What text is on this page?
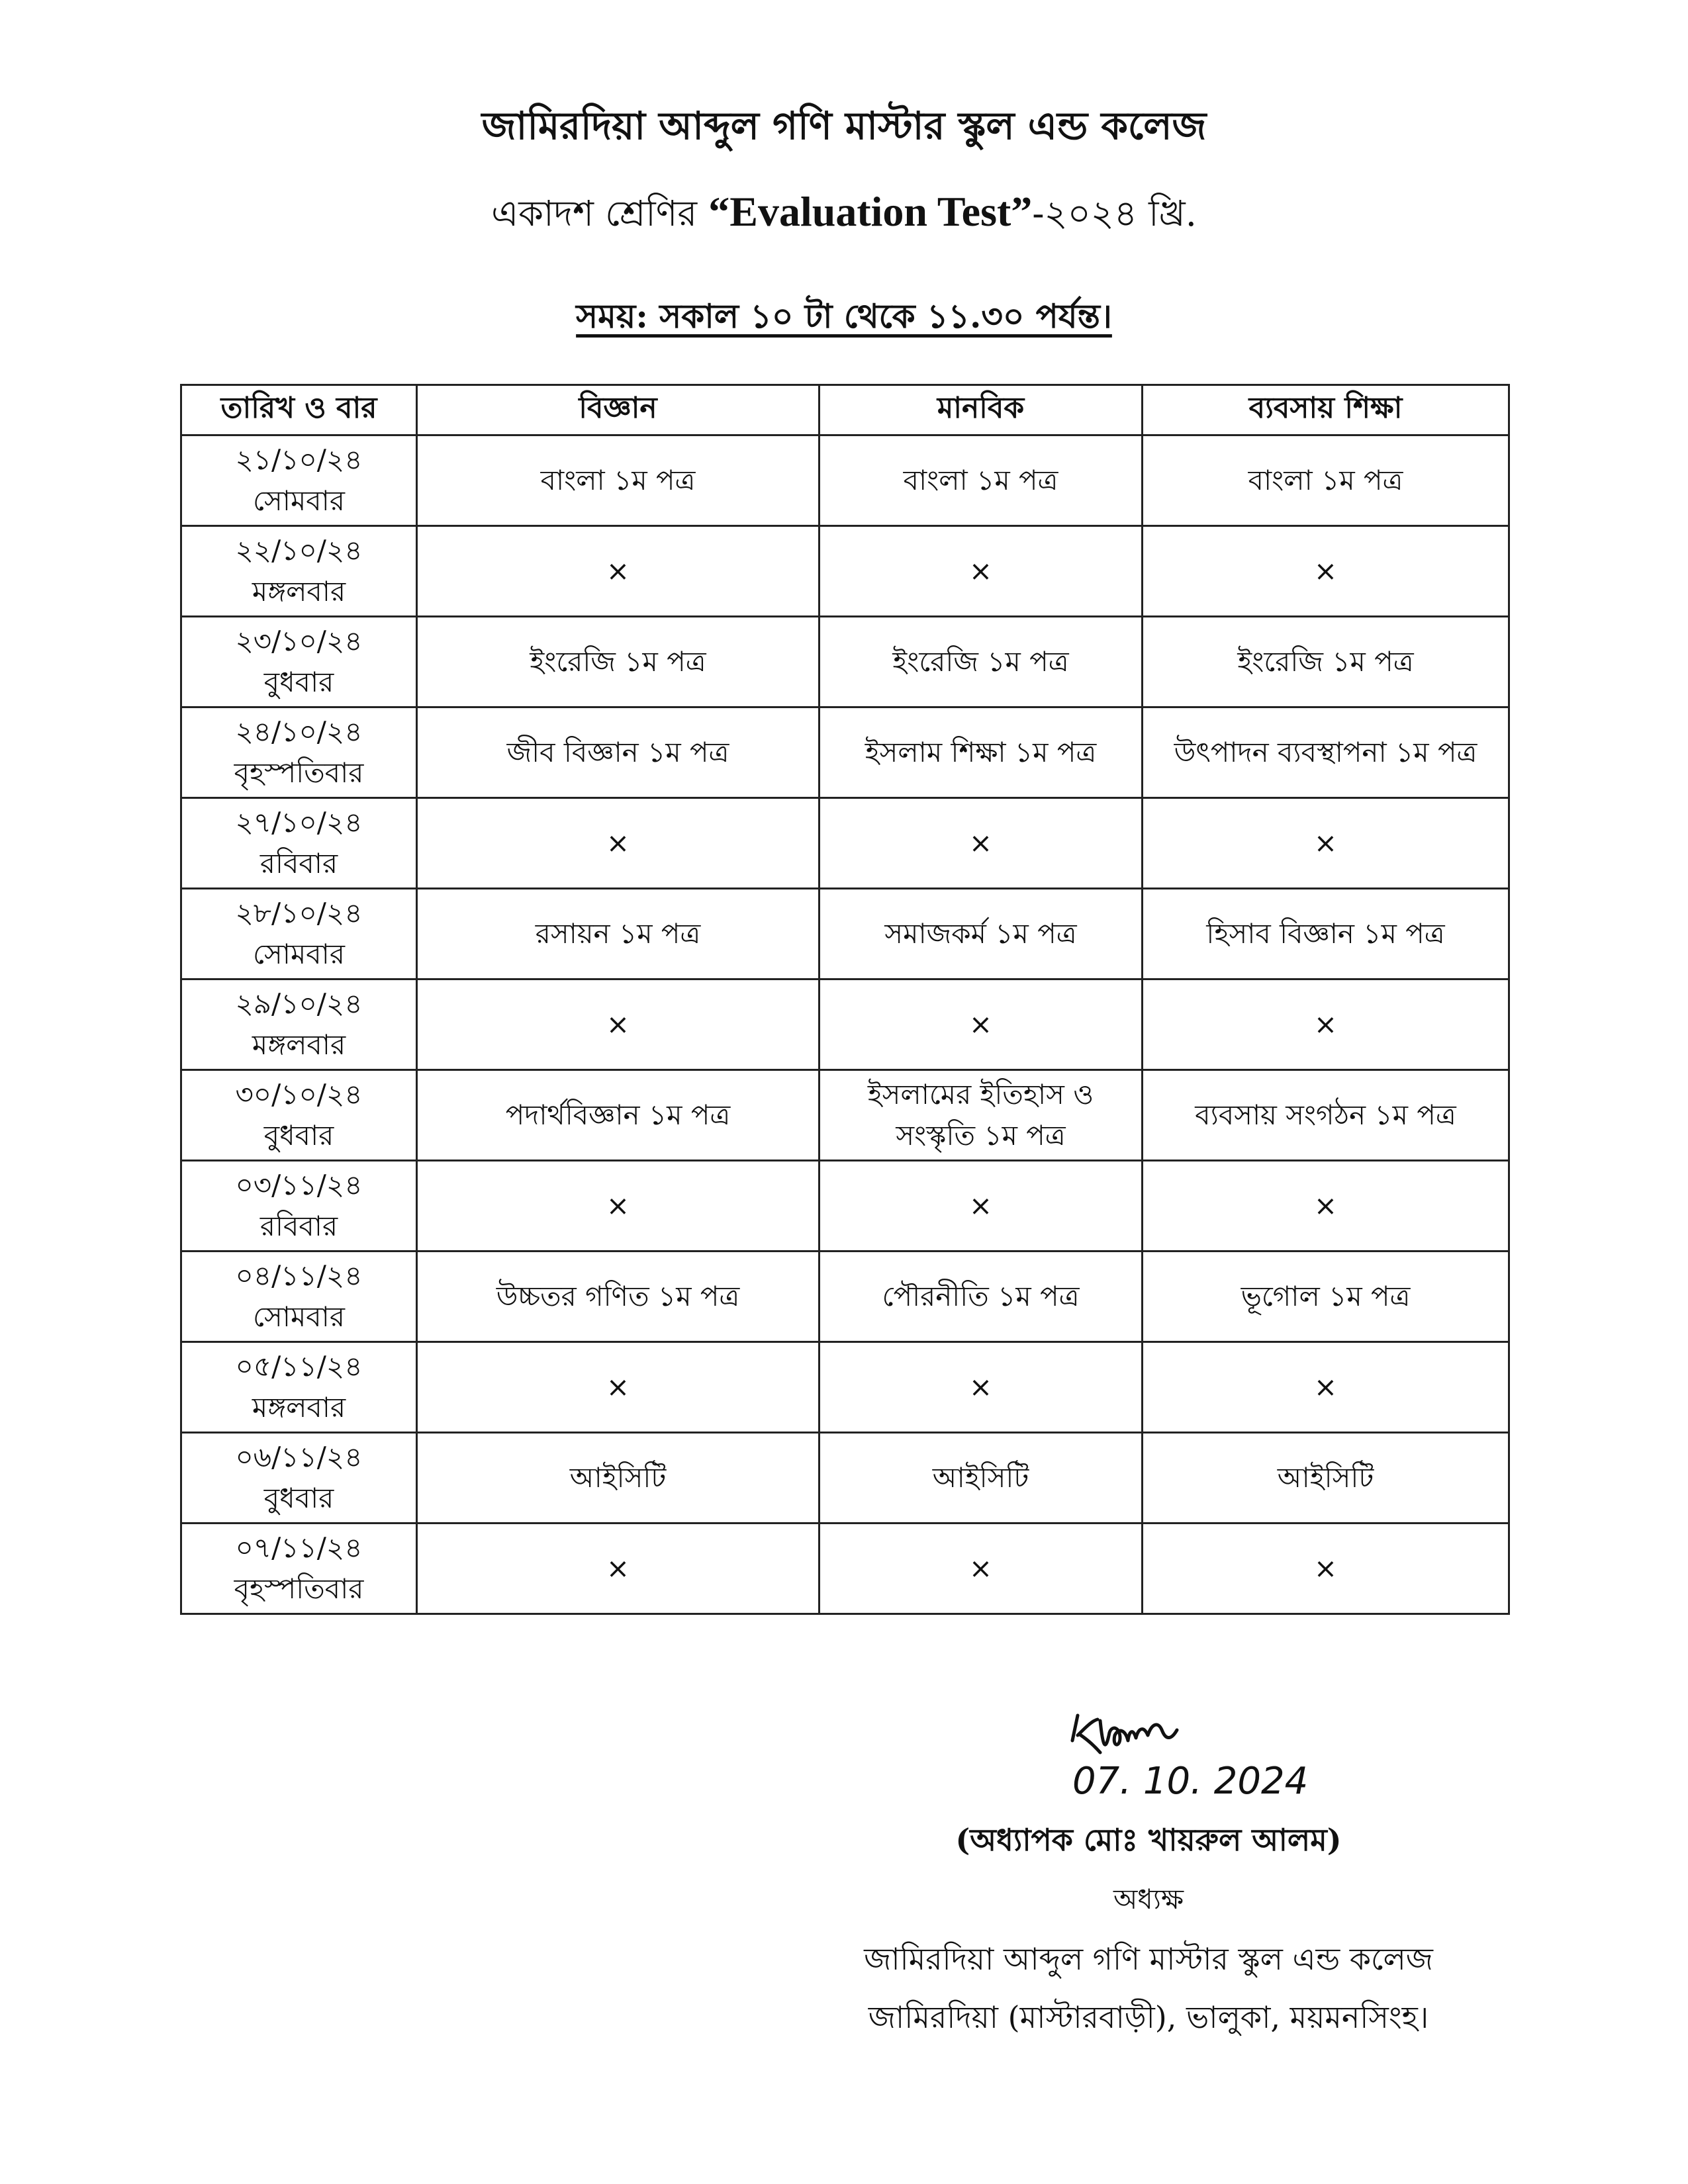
জামিরদিয়া আব্দুল গণি মাস্টার স্কুল এন্ড কলেজ
একাদশ শ্রেণির “Evaluation Test”-২০২৪ খ্রি.
সময়: সকাল ১০ টা থেকে ১১.৩০ পর্যন্ত।
তারিখ ও বার	বিজ্ঞান	মানবিক	ব্যবসায় শিক্ষা

২১/১০/২৪
সোমবার	বাংলা ১ম পত্র	বাংলা ১ম পত্র	বাংলা ১ম পত্র

২২/১০/২৪
মঙ্গলবার	×	×	×

২৩/১০/২৪
বুধবার	ইংরেজি ১ম পত্র	ইংরেজি ১ম পত্র	ইংরেজি ১ম পত্র

২৪/১০/২৪
বৃহস্পতিবার	জীব বিজ্ঞান ১ম পত্র	ইসলাম শিক্ষা ১ম পত্র	উৎপাদন ব্যবস্থাপনা ১ম পত্র

২৭/১০/২৪
রবিবার	×	×	×

২৮/১০/২৪
সোমবার	রসায়ন ১ম পত্র	সমাজকর্ম ১ম পত্র	হিসাব বিজ্ঞান ১ম পত্র

২৯/১০/২৪
মঙ্গলবার	×	×	×

৩০/১০/২৪
বুধবার	পদার্থবিজ্ঞান ১ম পত্র	ইসলামের ইতিহাস ও সংস্কৃতি ১ম পত্র	ব্যবসায় সংগঠন ১ম পত্র

০৩/১১/২৪
রবিবার	×	×	×

০৪/১১/২৪
সোমবার	উচ্চতর গণিত ১ম পত্র	পৌরনীতি ১ম পত্র	ভূগোল ১ম পত্র

০৫/১১/২৪
মঙ্গলবার	×	×	×

০৬/১১/২৪
বুধবার	আইসিটি	আইসিটি	আইসিটি

০৭/১১/২৪
বৃহস্পতিবার	×	×	×
07. 10. 2024
(অধ্যাপক মোঃ খায়রুল আলম)
অধ্যক্ষ
জামিরদিয়া আব্দুল গণি মাস্টার স্কুল এন্ড কলেজ
জামিরদিয়া (মাস্টারবাড়ী), ভালুকা, ময়মনসিংহ।
